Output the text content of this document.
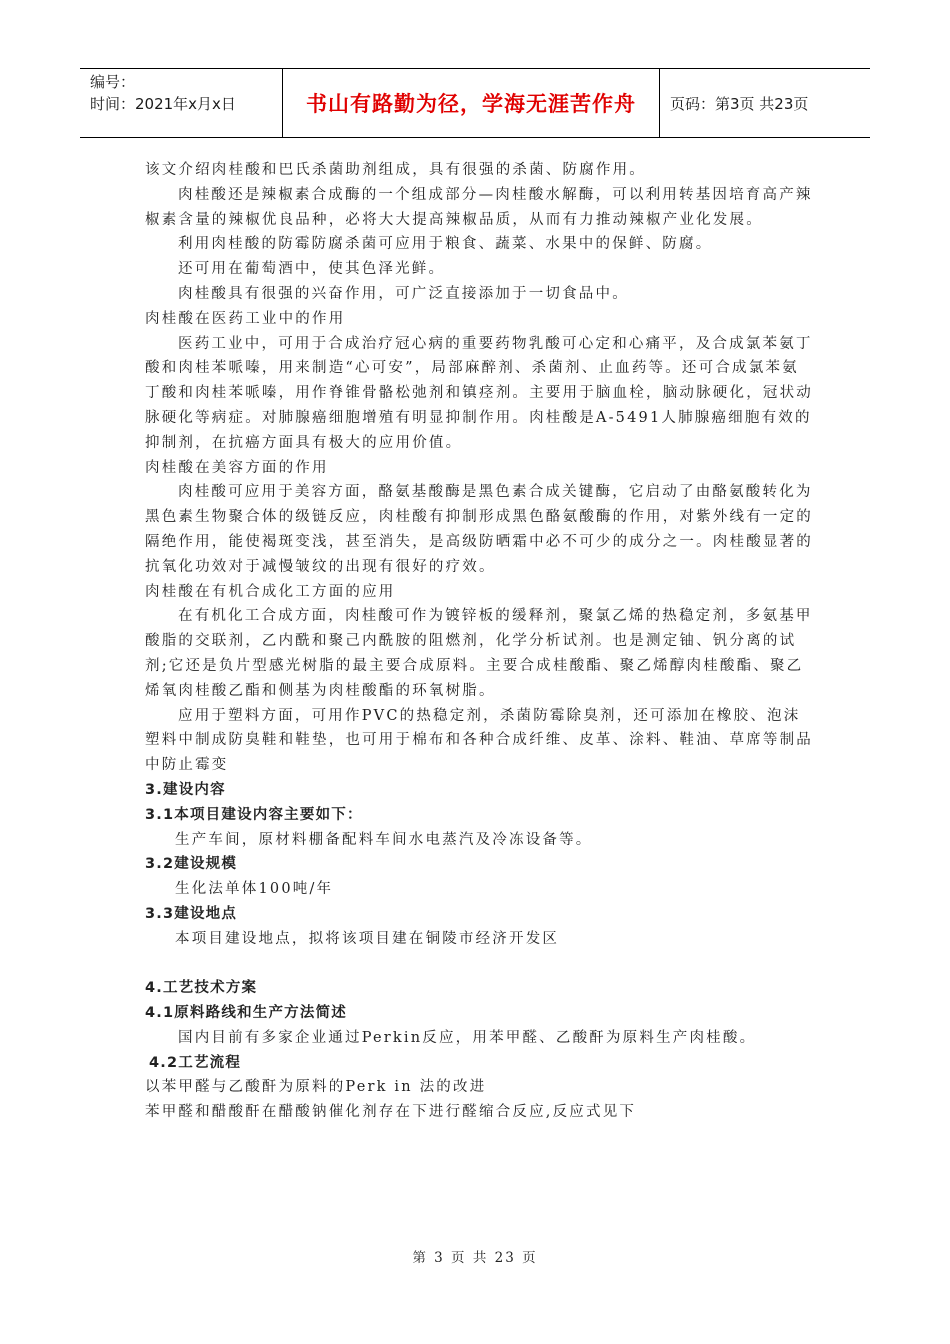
编号：
时间：2021年x月x日	书山有路勤为径，学海无涯苦作舟	页码：第3页 共23页

该文介绍肉桂酸和巴氏杀菌助剂组成，具有很强的杀菌、防腐作用。

肉桂酸还是辣椒素合成酶的一个组成部分—肉桂酸水解酶，可以利用转基因培育高产辣椒素含量的辣椒优良品种，必将大大提高辣椒品质，从而有力推动辣椒产业化发展。

利用肉桂酸的防霉防腐杀菌可应用于粮食、蔬菜、水果中的保鲜、防腐。

还可用在葡萄酒中，使其色泽光鲜。

肉桂酸具有很强的兴奋作用，可广泛直接添加于一切食品中。

肉桂酸在医药工业中的作用

医药工业中，可用于合成治疗冠心病的重要药物乳酸可心定和心痛平，及合成氯苯氨丁酸和肉桂苯哌嗪，用来制造“心可安”，局部麻醉剂、杀菌剂、止血药等。还可合成氯苯氨丁酸和肉桂苯哌嗪，用作脊锥骨骼松弛剂和镇痉剂。主要用于脑血栓，脑动脉硬化，冠状动脉硬化等病症。对肺腺癌细胞增殖有明显抑制作用。肉桂酸是A-5491人肺腺癌细胞有效的抑制剂，在抗癌方面具有极大的应用价值。

肉桂酸在美容方面的作用

肉桂酸可应用于美容方面，酪氨基酸酶是黑色素合成关键酶，它启动了由酪氨酸转化为黑色素生物聚合体的级链反应，肉桂酸有抑制形成黑色酪氨酸酶的作用，对紫外线有一定的隔绝作用，能使褐斑变浅，甚至消失，是高级防晒霜中必不可少的成分之一。肉桂酸显著的抗氧化功效对于减慢皱纹的出现有很好的疗效。

肉桂酸在有机合成化工方面的应用

在有机化工合成方面，肉桂酸可作为镀锌板的缓释剂，聚氯乙烯的热稳定剂，多氨基甲酸脂的交联剂，乙内酰和聚己内酰胺的阻燃剂，化学分析试剂。也是测定铀、钒分离的试剂;它还是负片型感光树脂的最主要合成原料。主要合成桂酸酯、聚乙烯醇肉桂酸酯、聚乙烯氧肉桂酸乙酯和侧基为肉桂酸酯的环氧树脂。

应用于塑料方面，可用作PVC的热稳定剂，杀菌防霉除臭剂，还可添加在橡胶、泡沫塑料中制成防臭鞋和鞋垫，也可用于棉布和各种合成纤维、皮革、涂料、鞋油、草席等制品中防止霉变

3.建设内容

3.1本项目建设内容主要如下：

生产车间，原材料棚备配料车间水电蒸汽及冷冻设备等。

3.2建设规模

生化法单体100吨/年

3.3建设地点

本项目建设地点，拟将该项目建在铜陵市经济开发区

4.工艺技术方案

4.1原料路线和生产方法简述

国内目前有多家企业通过Perkin反应，用苯甲醛、乙酸酐为原料生产肉桂酸。

4.2工艺流程

以苯甲醛与乙酸酐为原料的Perk in 法的改进

苯甲醛和醋酸酐在醋酸钠催化剂存在下进行醛缩合反应,反应式见下

第 3 页 共 23 页
